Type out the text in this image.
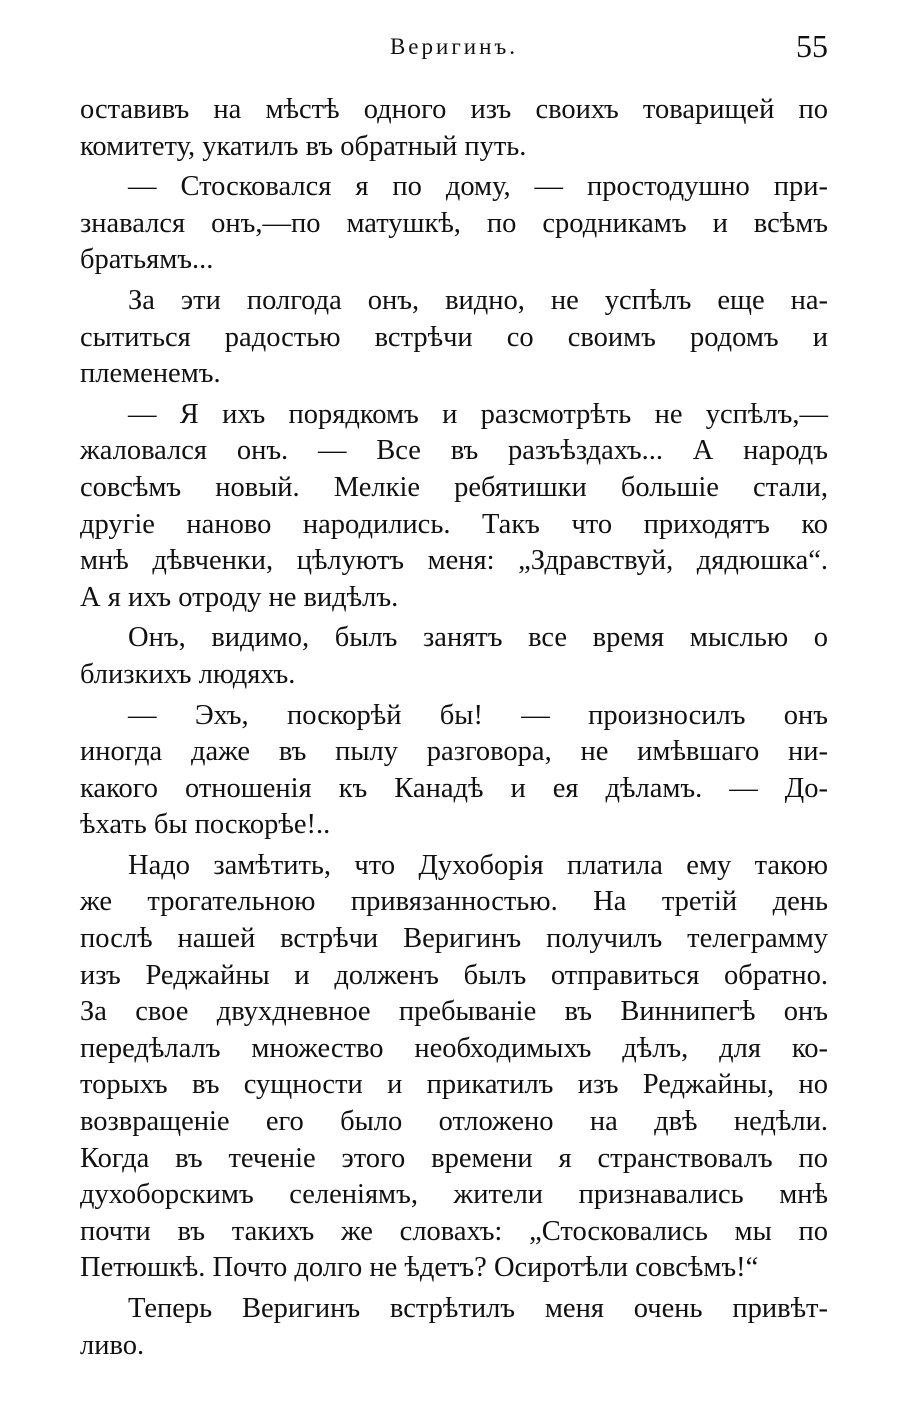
Веригинъ.	55
оставивъ на мѣстѣ одного изъ своихъ товарищей по
комитету, укатилъ въ обратный путь.
— Стосковался я по дому, — простодушно при-
знавался онъ,—по матушкѣ, по сродникамъ и всѣмъ
братьямъ...
За эти полгода онъ, видно, не успѣлъ еще на-
сытиться радостью встрѣчи со своимъ родомъ и
племенемъ.
— Я ихъ порядкомъ и разсмотрѣть не успѣлъ,—
жаловался онъ. — Все въ разъѣздахъ... А народъ
совсѣмъ новый. Мелкіе ребятишки большіе стали,
другіе наново народились. Такъ что приходятъ ко
мнѣ дѣвченки, цѣлуютъ меня: „Здравствуй, дядюшка“.
А я ихъ отроду не видѣлъ.
Онъ, видимо, былъ занятъ все время мыслью о
близкихъ людяхъ.
— Эхъ, поскорѣй бы! — произносилъ онъ
иногда даже въ пылу разговора, не имѣвшаго ни-
какого отношенія къ Канадѣ и ея дѣламъ. — До-
ѣхать бы поскорѣе!..
Надо замѣтить, что Духоборія платила ему такою
же трогательною привязанностью. На третій день
послѣ нашей встрѣчи Веригинъ получилъ телеграмму
изъ Реджайны и долженъ былъ отправиться обратно.
За свое двухдневное пребываніе въ Виннипегѣ онъ
передѣлалъ множество необходимыхъ дѣлъ, для ко-
торыхъ въ сущности и прикатилъ изъ Реджайны, но
возвращеніе его было отложено на двѣ недѣли.
Когда въ теченіе этого времени я странствовалъ по
духоборскимъ селеніямъ, жители признавались мнѣ
почти въ такихъ же словахъ: „Стосковались мы по
Петюшкѣ. Почто долго не ѣдетъ? Осиротѣли совсѣмъ!“
Теперь Веригинъ встрѣтилъ меня очень привѣт-
ливо.
